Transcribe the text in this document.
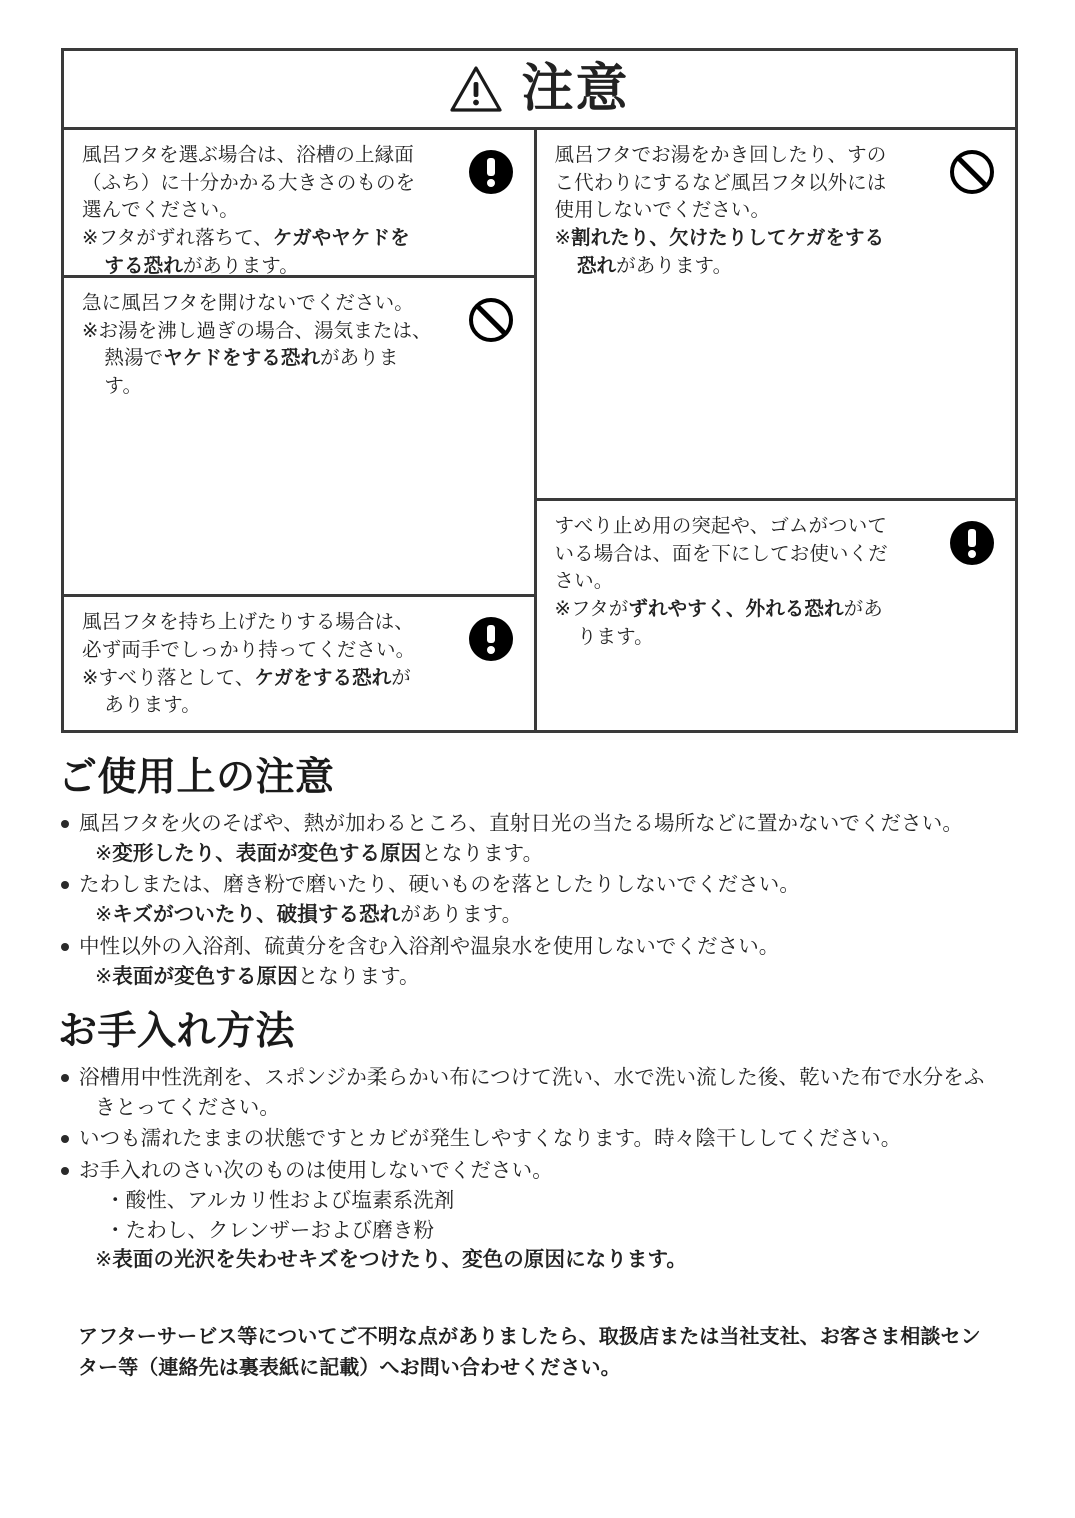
注意

風呂フタを選ぶ場合は、浴槽の上縁面

（ふち）に十分かかる大きさのものを

選んでください。

※フタがずれ落ちて、ケガやヤケドを

する恐れがあります。

急に風呂フタを開けないでください。

※お湯を沸し過ぎの場合、湯気または、

熱湯でヤケドをする恐れがありま

す。

風呂フタを持ち上げたりする場合は、

必ず両手でしっかり持ってください。

※すべり落として、ケガをする恐れが

あります。

風呂フタでお湯をかき回したり、すの

こ代わりにするなど風呂フタ以外には

使用しないでください。

※割れたり、欠けたりしてケガをする

恐れがあります。

すべり止め用の突起や、ゴムがついて

いる場合は、面を下にしてお使いくだ

さい。

※フタがずれやすく、外れる恐れがあ

ります。

ご使用上の注意
風呂フタを火のそばや、熱が加わるところ、直射日光の当たる場所などに置かないでください。
※変形したり、表面が変色する原因となります。
たわしまたは、磨き粉で磨いたり、硬いものを落としたりしないでください。
※キズがついたり、破損する恐れがあります。
中性以外の入浴剤、硫黄分を含む入浴剤や温泉水を使用しないでください。
※表面が変色する原因となります。
お手入れ方法
浴槽用中性洗剤を、スポンジか柔らかい布につけて洗い、水で洗い流した後、乾いた布で水分をふ
きとってください。
いつも濡れたままの状態ですとカビが発生しやすくなります。時々陰干ししてください。
お手入れのさい次のものは使用しないでください。
・酸性、アルカリ性および塩素系洗剤
・たわし、クレンザーおよび磨き粉
※表面の光沢を失わせキズをつけたり、変色の原因になります。
アフターサービス等についてご不明な点がありましたら、取扱店または当社支社、お客さま相談セン
ター等（連絡先は裏表紙に記載）へお問い合わせください。
